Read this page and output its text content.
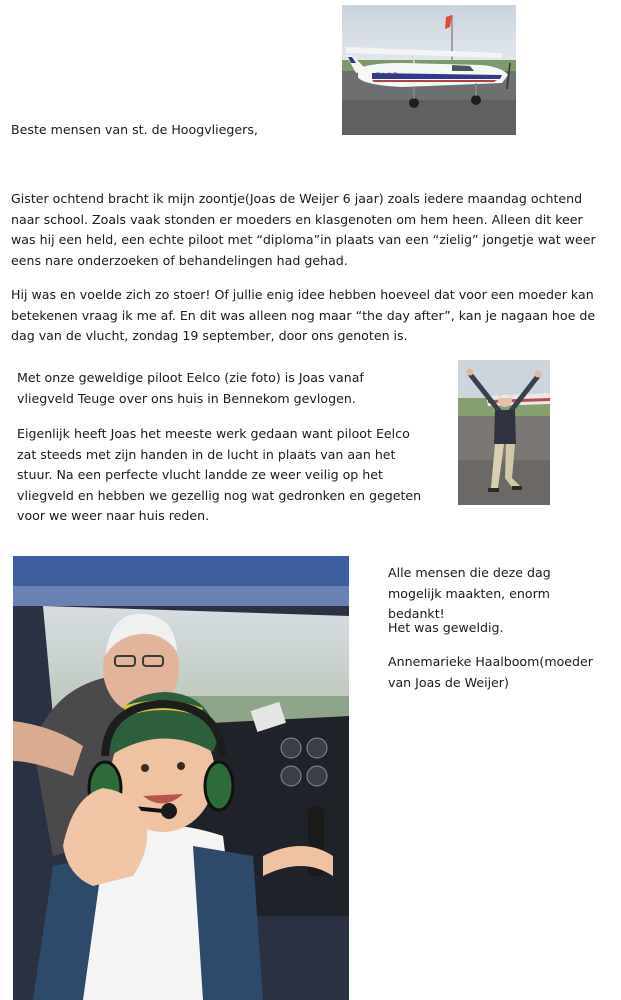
PH-AVB

Beste mensen van st. de Hoogvliegers,

Gister ochtend bracht ik mijn zoontje(Joas de Weijer 6 jaar) zoals iedere maandag ochtend naar school. Zoals vaak stonden er moeders en klasgenoten om hem heen. Alleen dit keer was hij een held, een echte piloot met “diploma”in plaats van een “zielig” jongetje wat weer eens nare onderzoeken of behandelingen had gehad.

Hij was en voelde zich zo stoer! Of jullie enig idee hebben hoeveel dat voor een moeder kan betekenen vraag ik me af. En dit was alleen nog maar “the day after”, kan je nagaan hoe de dag van de vlucht, zondag 19 september, door ons genoten is.

Met onze geweldige piloot Eelco (zie foto) is Joas vanaf vliegveld Teuge over ons huis in Bennekom gevlogen.

Eigenlijk heeft Joas het meeste werk gedaan want piloot Eelco zat steeds met zijn handen in de lucht in plaats van aan het stuur. Na een perfecte vlucht landde ze weer veilig op het vliegveld en hebben we gezellig nog wat gedronken en gegeten voor we weer naar huis reden.

Alle mensen die deze dag mogelijk maakten, enorm bedankt!

Het was geweldig.

Annemarieke Haalboom(moeder van Joas de Weijer)
